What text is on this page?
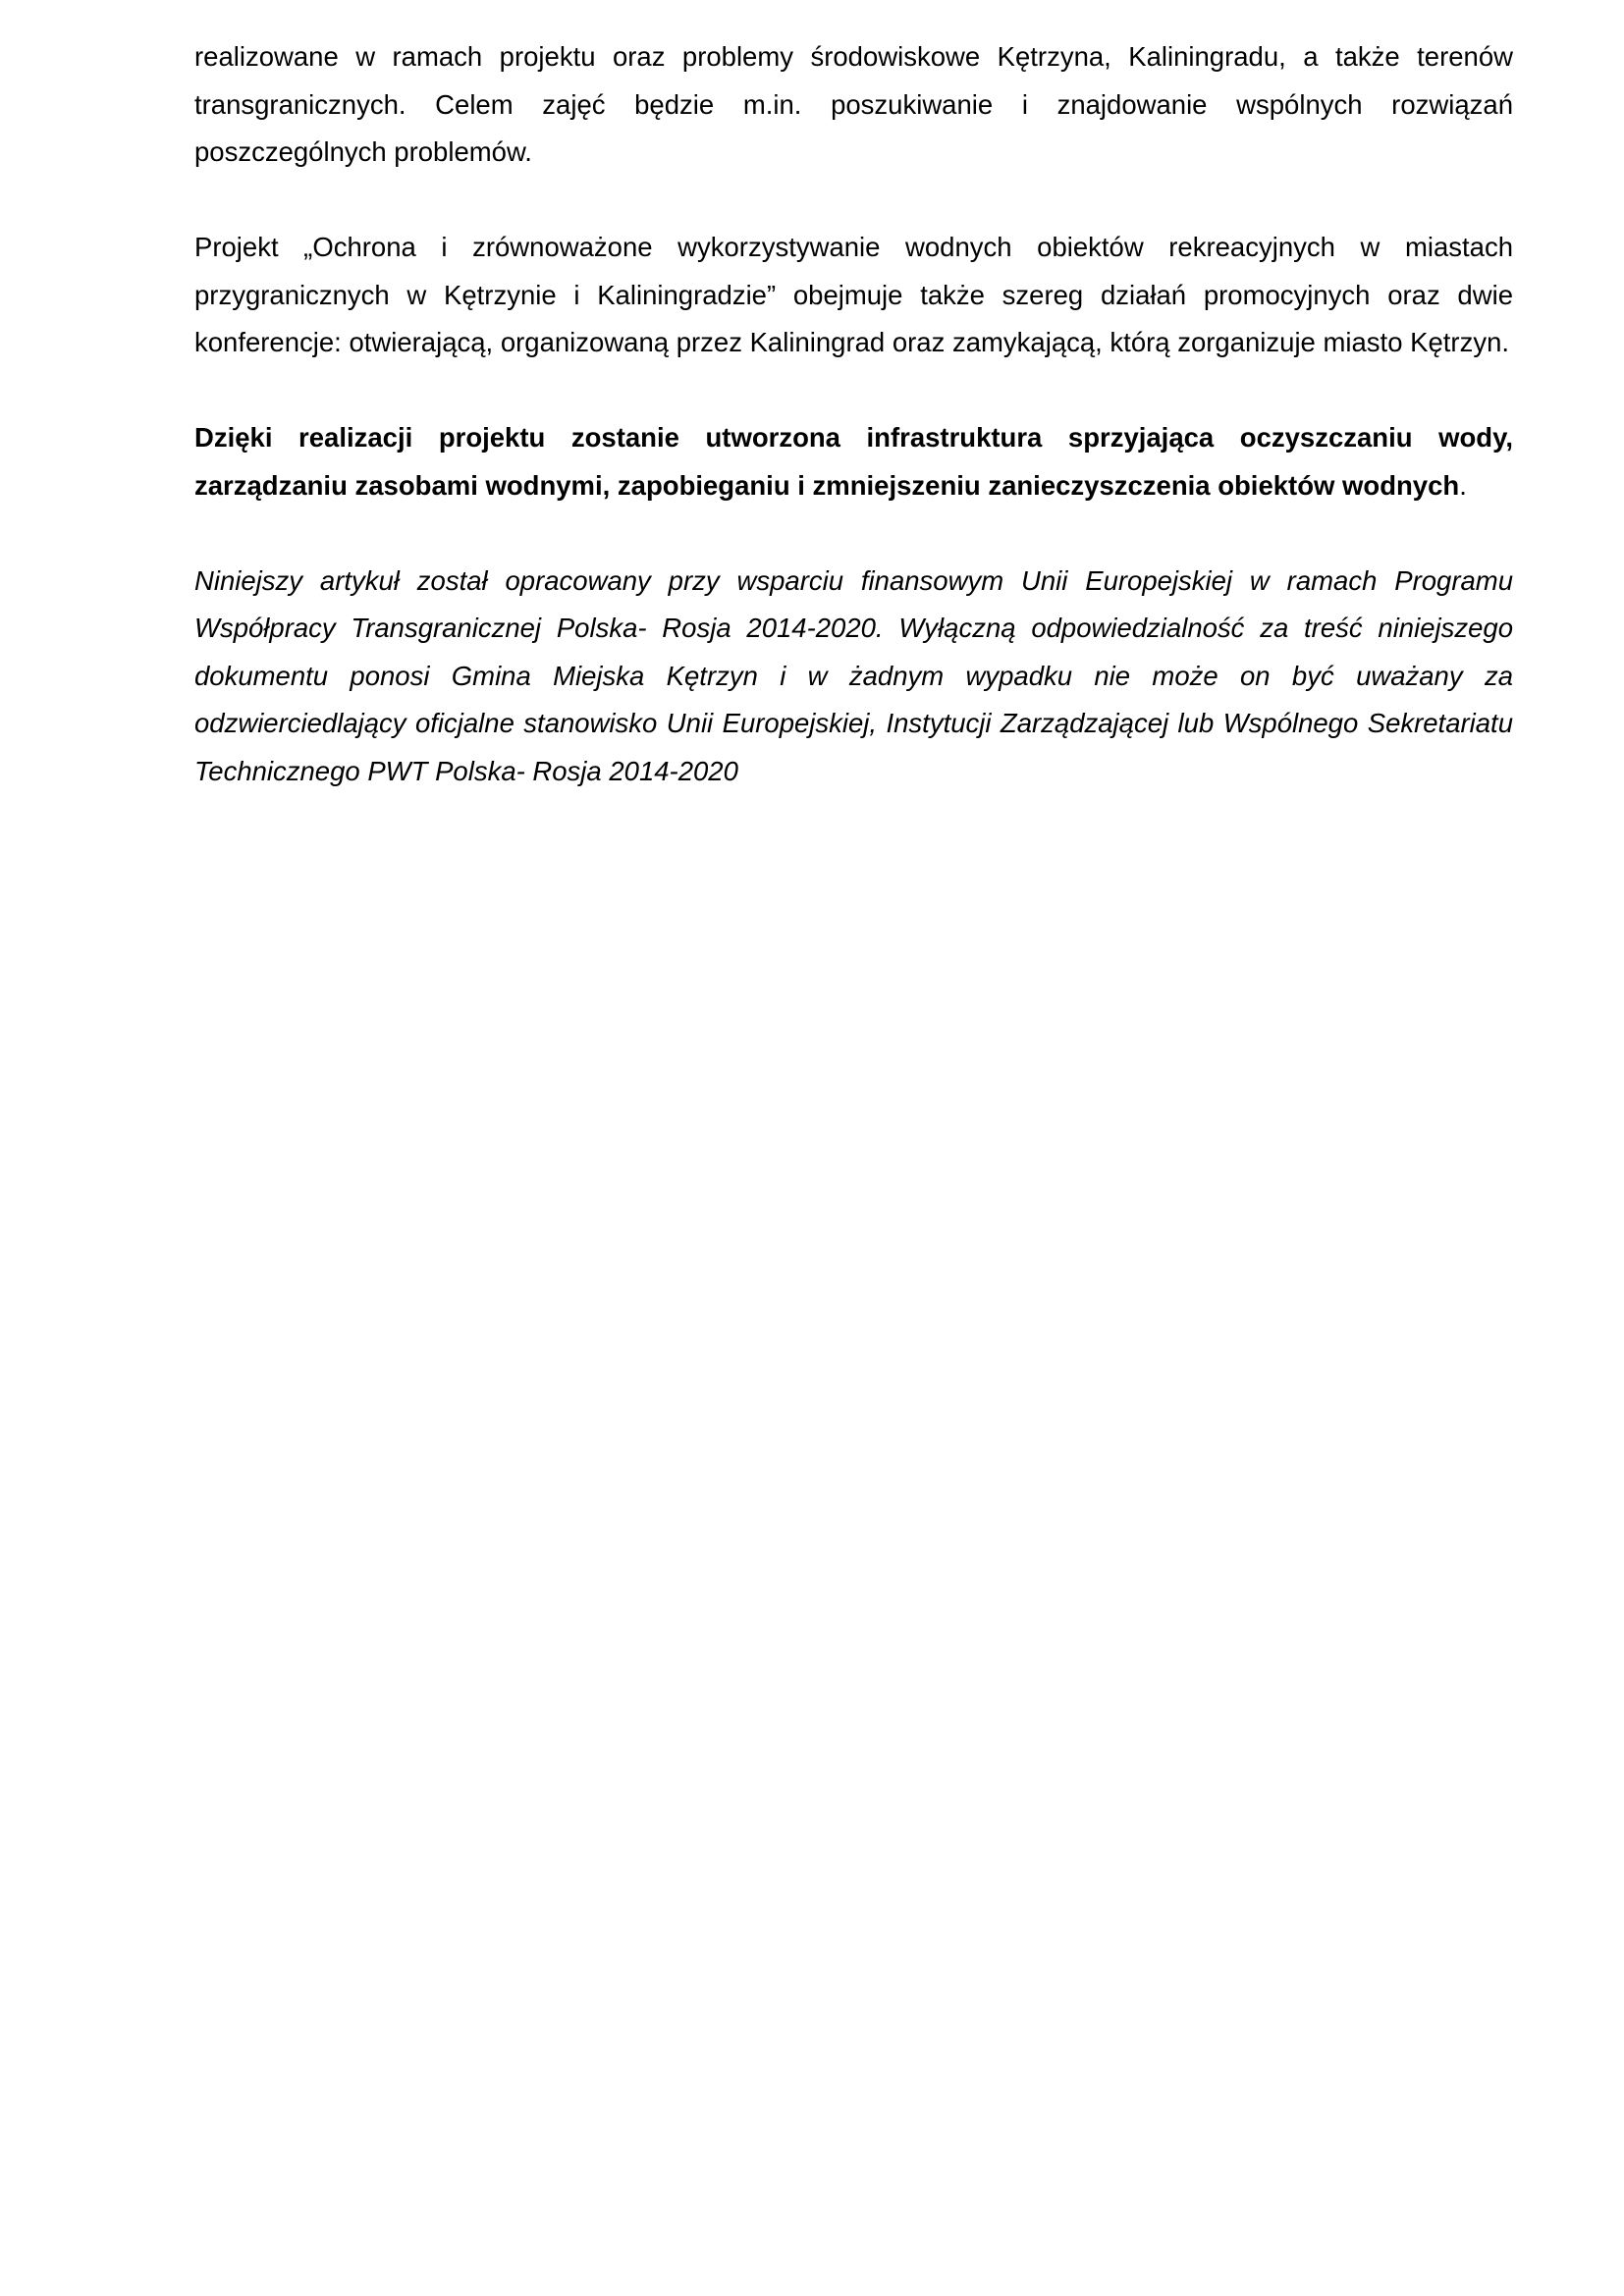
realizowane w ramach projektu oraz problemy środowiskowe Kętrzyna, Kaliningradu, a także terenów transgranicznych. Celem zajęć będzie m.in. poszukiwanie i znajdowanie wspólnych rozwiązań poszczególnych problemów.

Projekt „Ochrona i zrównoważone wykorzystywanie wodnych obiektów rekreacyjnych w miastach przygranicznych w Kętrzynie i Kaliningradzie” obejmuje także szereg działań promocyjnych oraz dwie konferencje: otwierającą, organizowaną przez Kaliningrad oraz zamykającą, którą zorganizuje miasto Kętrzyn.

Dzięki realizacji projektu zostanie utworzona infrastruktura sprzyjająca oczyszczaniu wody, zarządzaniu zasobami wodnymi, zapobieganiu i zmniejszeniu zanieczyszczenia obiektów wodnych.

Niniejszy artykuł został opracowany przy wsparciu finansowym Unii Europejskiej w ramach Programu Współpracy Transgranicznej Polska- Rosja 2014-2020. Wyłączną odpowiedzialność za treść niniejszego dokumentu ponosi Gmina Miejska Kętrzyn i w żadnym wypadku nie może on być uważany za odzwierciedlający oficjalne stanowisko Unii Europejskiej, Instytucji Zarządzającej lub Wspólnego Sekretariatu Technicznego PWT Polska- Rosja 2014-2020
